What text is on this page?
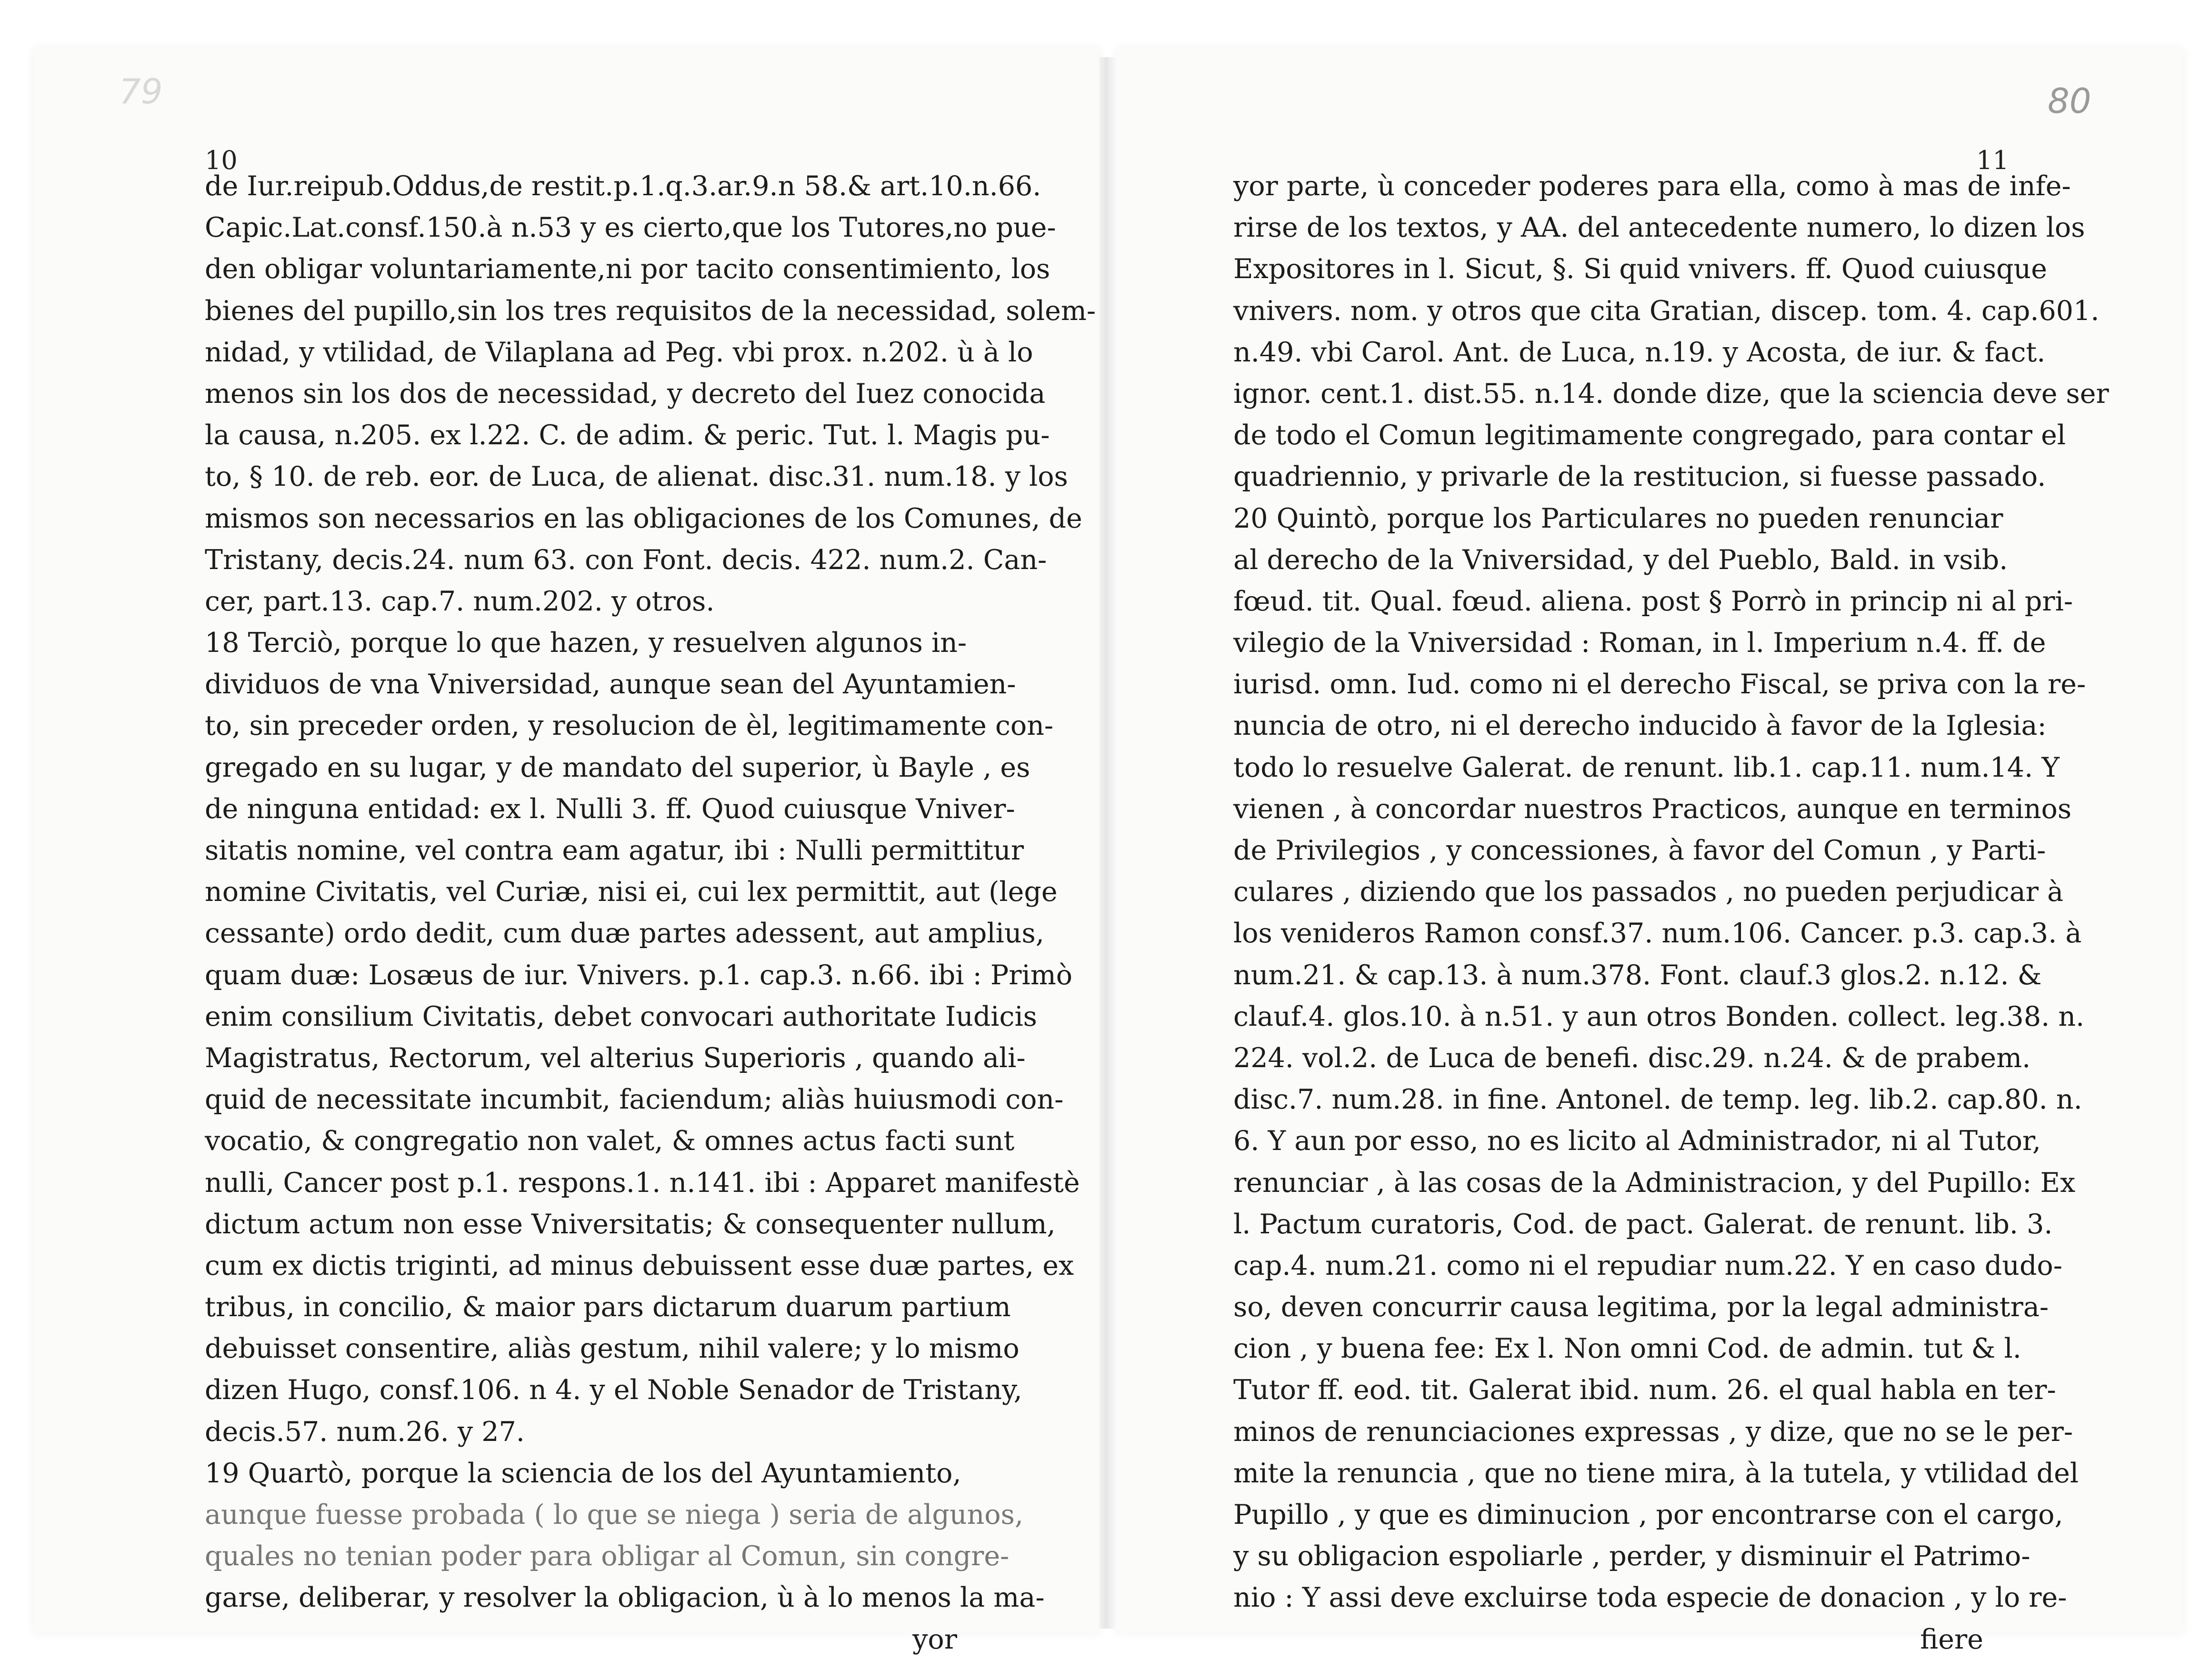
79	80
10	11
de Iur.reipub.Oddus,de restit.p.1.q.3.ar.9.n 58.& art.10.n.66.
Capic.Lat.consf.150.à n.53 y es cierto,que los Tutores,no pue-
den obligar voluntariamente,ni por tacito consentimiento, los
bienes del pupillo,sin los tres requisitos de la necessidad, solem-
nidad, y vtilidad, de Vilaplana ad Peg. vbi prox. n.202. ù à lo
menos sin los dos de necessidad, y decreto del Iuez conocida
la causa, n.205. ex l.22. C. de adim. & peric. Tut. l. Magis pu-
to, § 10. de reb. eor. de Luca, de alienat. disc.31. num.18. y los
mismos son necessarios en las obligaciones de los Comunes, de
Tristany, decis.24. num 63. con Font. decis. 422. num.2. Can-
cer, part.13. cap.7. num.202. y otros.
18 Terciò, porque lo que hazen, y resuelven algunos in-
dividuos de vna Vniversidad, aunque sean del Ayuntamien-
to, sin preceder orden, y resolucion de èl, legitimamente con-
gregado en su lugar, y de mandato del superior, ù Bayle , es
de ninguna entidad: ex l. Nulli 3. ff. Quod cuiusque Vniver-
sitatis nomine, vel contra eam agatur, ibi : Nulli permittitur
nomine Civitatis, vel Curiæ, nisi ei, cui lex permittit, aut (lege
cessante) ordo dedit, cum duæ partes adessent, aut amplius,
quam duæ: Losæus de iur. Vnivers. p.1. cap.3. n.66. ibi : Primò
enim consilium Civitatis, debet convocari authoritate Iudicis
Magistratus, Rectorum, vel alterius Superioris , quando ali-
quid de necessitate incumbit, faciendum; aliàs huiusmodi con-
vocatio, & congregatio non valet, & omnes actus facti sunt
nulli, Cancer post p.1. respons.1. n.141. ibi : Apparet manifestè
dictum actum non esse Vniversitatis; & consequenter nullum,
cum ex dictis triginti, ad minus debuissent esse duæ partes, ex
tribus, in concilio, & maior pars dictarum duarum partium
debuisset consentire, aliàs gestum, nihil valere; y lo mismo
dizen Hugo, consf.106. n 4. y el Noble Senador de Tristany,
decis.57. num.26. y 27.
19 Quartò, porque la sciencia de los del Ayuntamiento,
aunque fuesse probada ( lo que se niega ) seria de algunos,
quales no tenian poder para obligar al Comun, sin congre-
garse, deliberar, y resolver la obligacion, ù à lo menos la ma-
yor
yor parte, ù conceder poderes para ella, como à mas de infe-
rirse de los textos, y AA. del antecedente numero, lo dizen los
Expositores in l. Sicut, §. Si quid vnivers. ff. Quod cuiusque
vnivers. nom. y otros que cita Gratian, discep. tom. 4. cap.601.
n.49. vbi Carol. Ant. de Luca, n.19. y Acosta, de iur. & fact.
ignor. cent.1. dist.55. n.14. donde dize, que la sciencia deve ser
de todo el Comun legitimamente congregado, para contar el
quadriennio, y privarle de la restitucion, si fuesse passado.
20 Quintò, porque los Particulares no pueden renunciar
al derecho de la Vniversidad, y del Pueblo, Bald. in vsib.
fœud. tit. Qual. fœud. aliena. post § Porrò in princip ni al pri-
vilegio de la Vniversidad : Roman, in l. Imperium n.4. ff. de
iurisd. omn. Iud. como ni el derecho Fiscal, se priva con la re-
nuncia de otro, ni el derecho inducido à favor de la Iglesia:
todo lo resuelve Galerat. de renunt. lib.1. cap.11. num.14. Y
vienen , à concordar nuestros Practicos, aunque en terminos
de Privilegios , y concessiones, à favor del Comun , y Parti-
culares , diziendo que los passados , no pueden perjudicar à
los venideros Ramon consf.37. num.106. Cancer. p.3. cap.3. à
num.21. & cap.13. à num.378. Font. clauf.3 glos.2. n.12. &
clauf.4. glos.10. à n.51. y aun otros Bonden. collect. leg.38. n.
224. vol.2. de Luca de benefi. disc.29. n.24. & de prabem.
disc.7. num.28. in fine. Antonel. de temp. leg. lib.2. cap.80. n.
6. Y aun por esso, no es licito al Administrador, ni al Tutor,
renunciar , à las cosas de la Administracion, y del Pupillo: Ex
l. Pactum curatoris, Cod. de pact. Galerat. de renunt. lib. 3.
cap.4. num.21. como ni el repudiar num.22. Y en caso dudo-
so, deven concurrir causa legitima, por la legal administra-
cion , y buena fee: Ex l. Non omni Cod. de admin. tut & l.
Tutor ff. eod. tit. Galerat ibid. num. 26. el qual habla en ter-
minos de renunciaciones expressas , y dize, que no se le per-
mite la renuncia , que no tiene mira, à la tutela, y vtilidad del
Pupillo , y que es diminucion , por encontrarse con el cargo,
y su obligacion espoliarle , perder, y disminuir el Patrimo-
nio : Y assi deve excluirse toda especie de donacion , y lo re-
fiere
